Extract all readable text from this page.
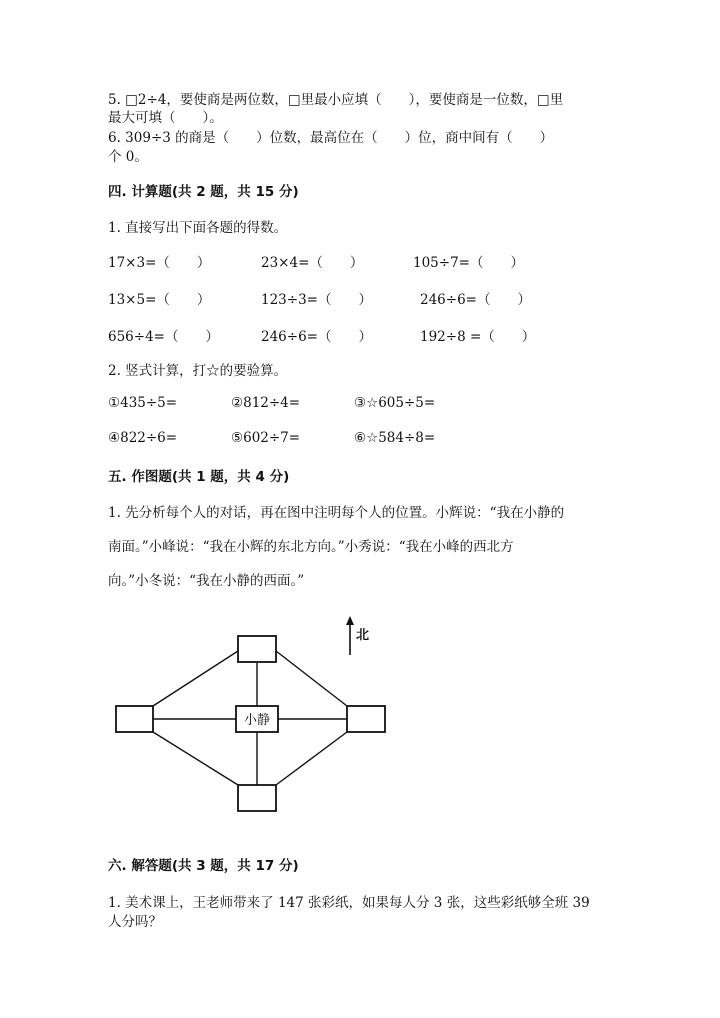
5. □2÷4，要使商是两位数，□里最小应填（　　），要使商是一位数，□里
最大可填（　　）。
6. 309÷3 的商是（　　）位数，最高位在（　　）位，商中间有（　　）
个 0。
四. 计算题(共 2 题，共 15 分)
1. 直接写出下面各题的得数。
17×3=（　　）	23×4=（　　）	105÷7=（　　）
13×5=（　　）	123÷3=（　　）	246÷6=（　　）
656÷4=（　　）	246÷6=（　　）	192÷8 =（　　）
2. 竖式计算，打☆的要验算。
①435÷5=	②812÷4=	③☆605÷5=
④822÷6=	⑤602÷7=	⑥☆584÷8=
五. 作图题(共 1 题，共 4 分)
1. 先分析每个人的对话，再在图中注明每个人的位置。小辉说：“我在小静的
南面。”小峰说：“我在小辉的东北方向。”小秀说：“我在小峰的西北方
向。”小冬说：“我在小静的西面。”
北
小静
六. 解答题(共 3 题，共 17 分)
1. 美术课上，王老师带来了 147 张彩纸，如果每人分 3 张，这些彩纸够全班 39
人分吗？
